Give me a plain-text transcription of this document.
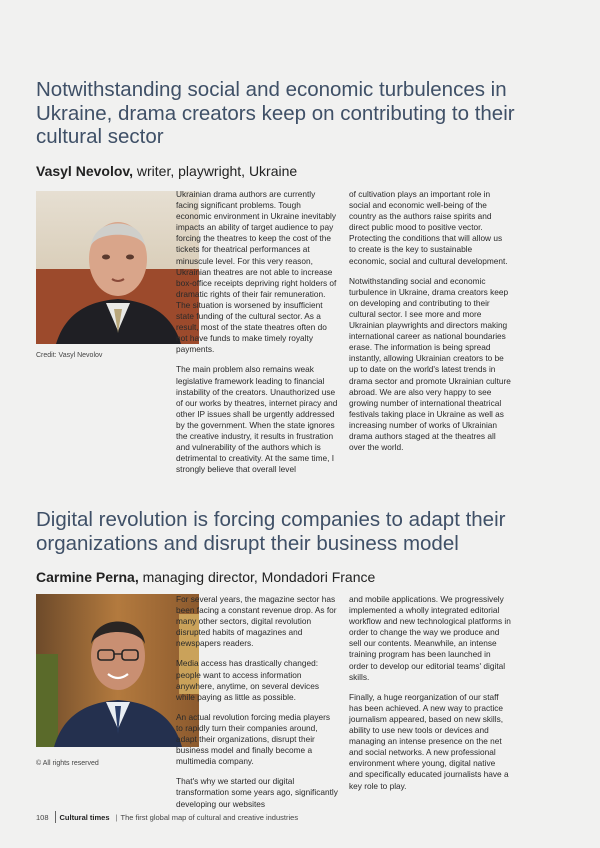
Notwithstanding social and economic turbulences in Ukraine, drama creators keep on contributing to their cultural sector
Vasyl Nevolov, writer, playwright, Ukraine
Credit: Vasyl Nevolov

Ukrainian drama authors are currently facing significant problems. Tough economic environment in Ukraine inevitably impacts an ability of target audience to pay forcing the theatres to keep the cost of the tickets for theatrical performances at minuscule level. For this very reason, Ukrainian theatres are not able to increase box-office receipts depriving right holders of dramatic rights of their fair remuneration. The situation is worsened by insufficient state funding of the cultural sector. As a result, most of the state theatres often do not have funds to make timely royalty payments.

The main problem also remains weak legislative framework leading to financial instability of the creators. Unauthorized use of our works by theatres, internet piracy and other IP issues shall be urgently addressed by the government. When the state ignores the creative industry, it results in frustration and vulnerability of the authors which is detrimental to creativity. At the same time, I strongly believe that overall level

of cultivation plays an important role in social and economic well-being of the country as the authors raise spirits and direct public mood to positive vector. Protecting the conditions that will allow us to create is the key to sustainable economic, social and cultural development.

Notwithstanding social and economic turbulence in Ukraine, drama creators keep on developing and contributing to their cultural sector. I see more and more Ukrainian playwrights and directors making international career as national boundaries erase. The information is being spread instantly, allowing Ukrainian creators to be up to date on the world's latest trends in drama sector and promote Ukrainian culture abroad. We are also very happy to see growing number of international theatrical festivals taking place in Ukraine as well as increasing number of works of Ukrainian drama authors staged at the theatres all over the world.

Digital revolution is forcing companies to adapt their organizations and disrupt their business model
Carmine Perna, managing director, Mondadori France
© All rights reserved

For several years, the magazine sector has been facing a constant revenue drop. As for many other sectors, digital revolution disrupted habits of magazines and newspapers readers.

Media access has drastically changed: people want to access information anywhere, anytime, on several devices while paying as little as possible.

An actual revolution forcing media players to rapidly turn their companies around, adapt their organizations, disrupt their business model and finally become a multimedia company.

That's why we started our digital transformation some years ago, significantly developing our websites

and mobile applications. We progressively implemented a wholly integrated editorial workflow and new technological platforms in order to change the way we produce and sell our contents. Meanwhile, an intense training program has been launched in order to develop our editorial teams' digital skills.

Finally, a huge reorganization of our staff has been achieved. A new way to practice journalism appeared, based on new skills, ability to use new tools or devices and managing an intense presence on the net and social networks. A new professional environment where young, digital native and specifically educated journalists have a key role to play.

108 Cultural times | The first global map of cultural and creative industries
